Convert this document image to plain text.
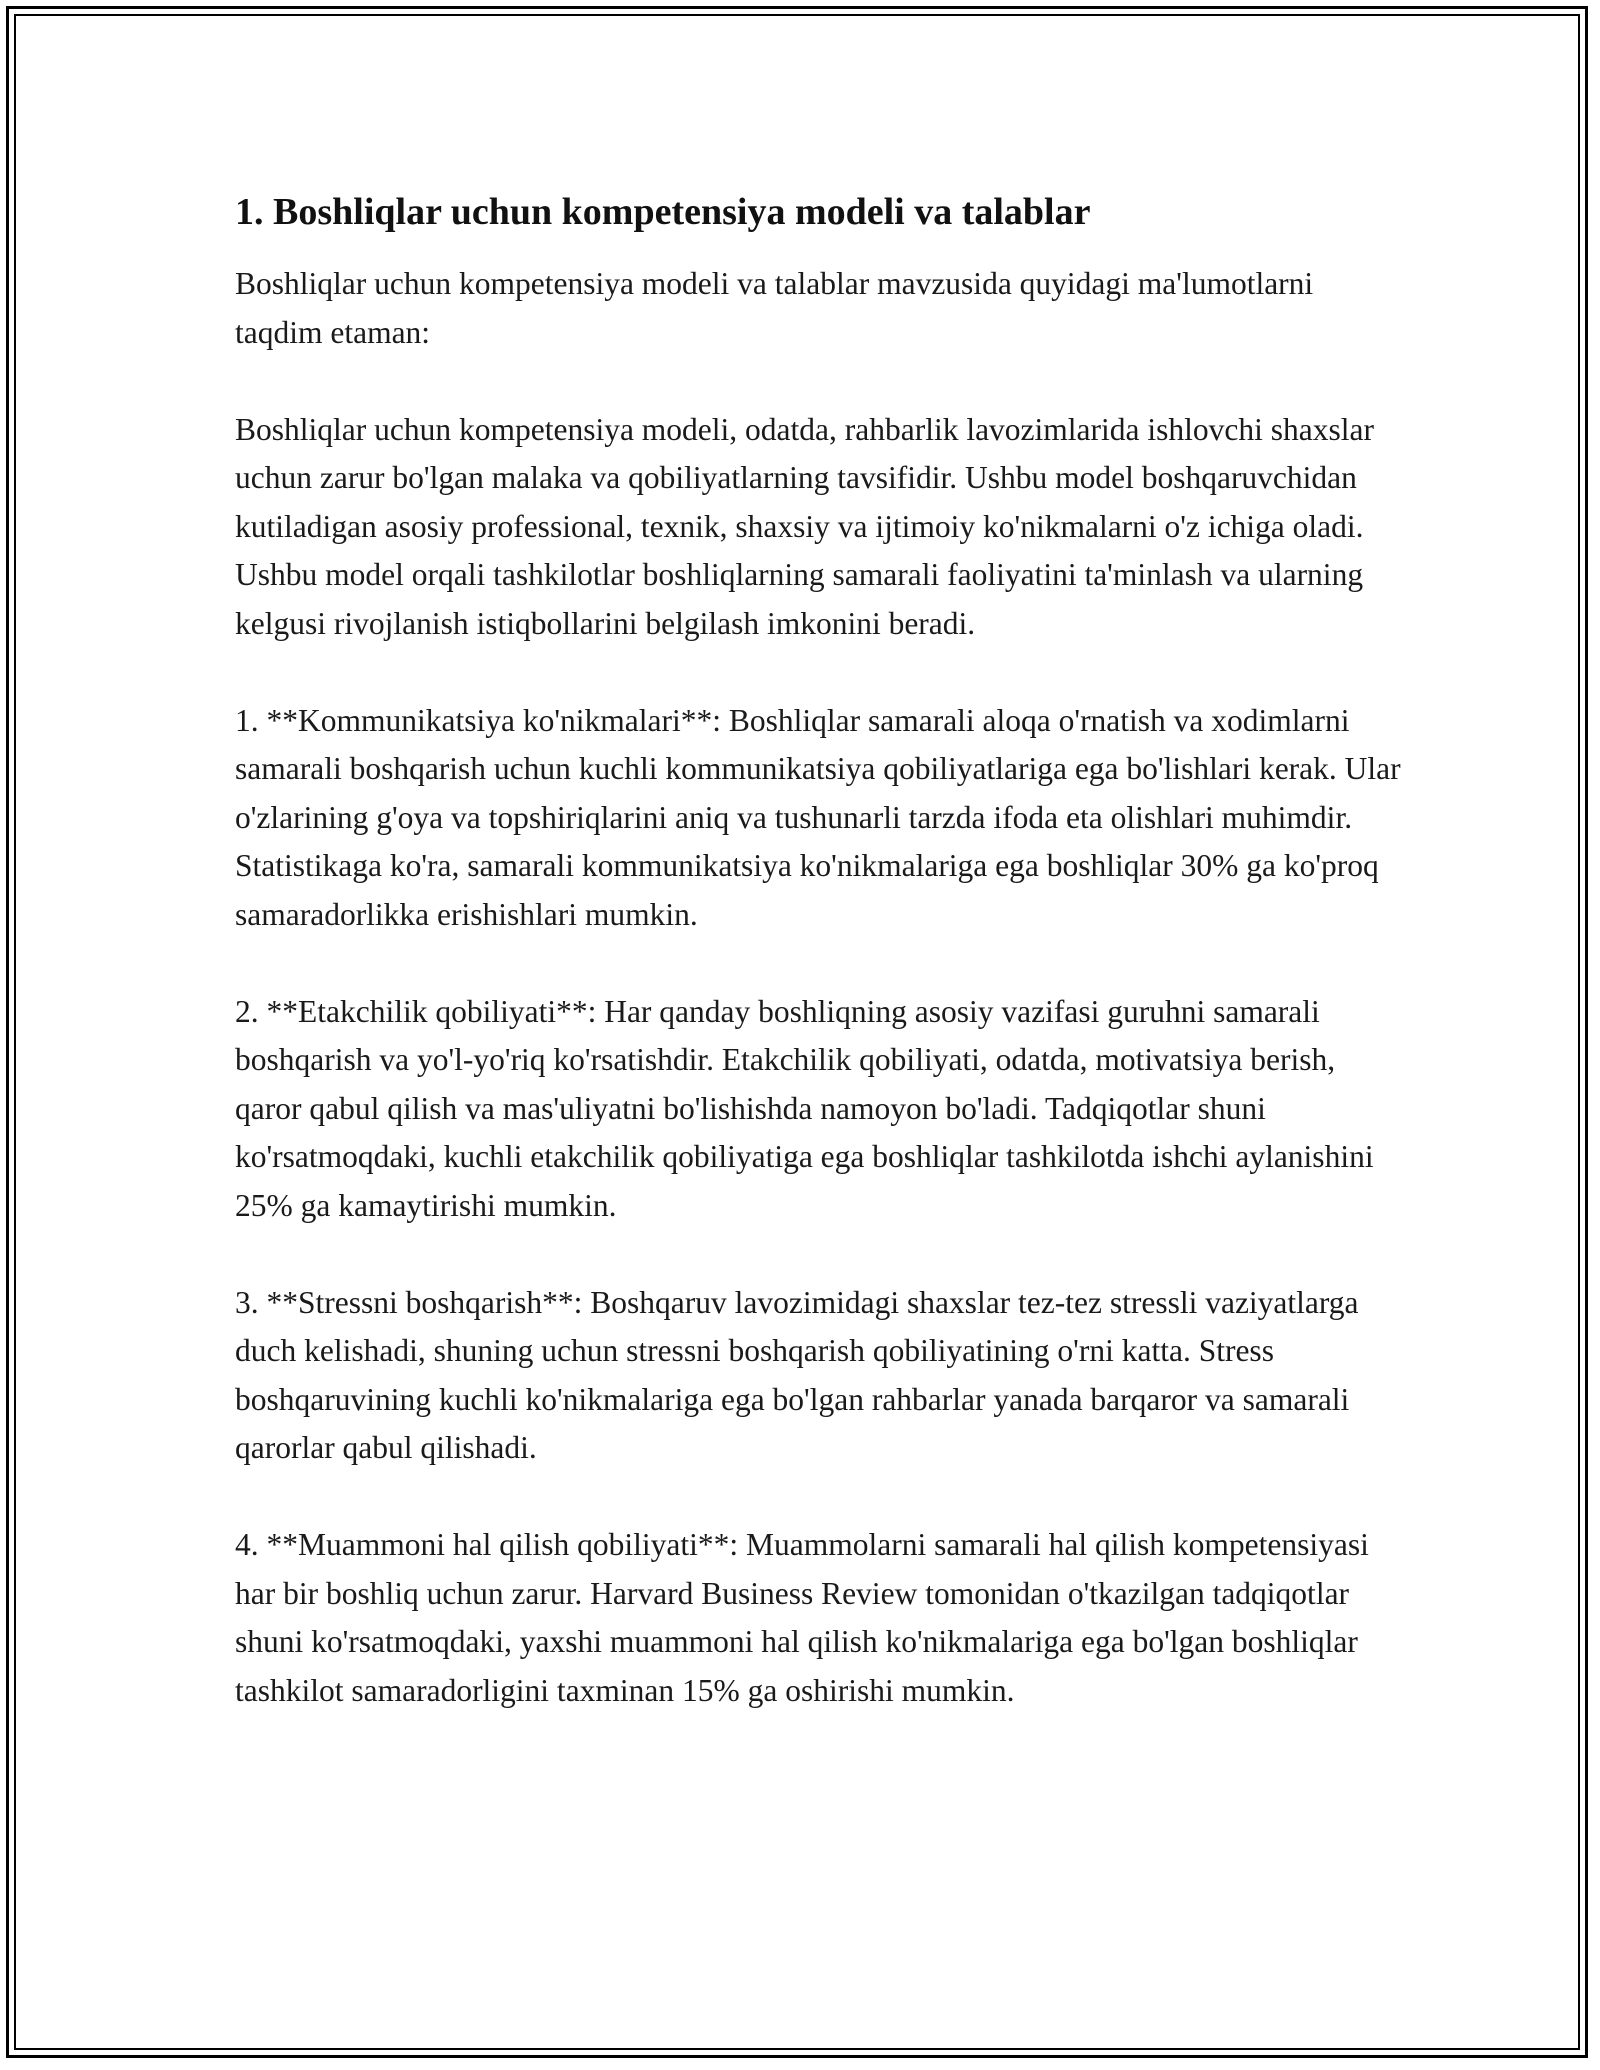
1. Boshliqlar uchun kompetensiya modeli va talablar

Boshliqlar uchun kompetensiya modeli va talablar mavzusida quyidagi ma'lumotlarni taqdim etaman:

Boshliqlar uchun kompetensiya modeli, odatda, rahbarlik lavozimlarida ishlovchi shaxslar uchun zarur bo'lgan malaka va qobiliyatlarning tavsifidir. Ushbu model boshqaruvchidan kutiladigan asosiy professional, texnik, shaxsiy va ijtimoiy ko'nikmalarni o'z ichiga oladi. Ushbu model orqali tashkilotlar boshliqlarning samarali faoliyatini ta'minlash va ularning kelgusi rivojlanish istiqbollarini belgilash imkonini beradi.

1. **Kommunikatsiya ko'nikmalari**: Boshliqlar samarali aloqa o'rnatish va xodimlarni samarali boshqarish uchun kuchli kommunikatsiya qobiliyatlariga ega bo'lishlari kerak. Ular o'zlarining g'oya va topshiriqlarini aniq va tushunarli tarzda ifoda eta olishlari muhimdir. Statistikaga ko'ra, samarali kommunikatsiya ko'nikmalariga ega boshliqlar 30% ga ko'proq samaradorlikka erishishlari mumkin.

2. **Etakchilik qobiliyati**: Har qanday boshliqning asosiy vazifasi guruhni samarali boshqarish va yo'l-yo'riq ko'rsatishdir. Etakchilik qobiliyati, odatda, motivatsiya berish, qaror qabul qilish va mas'uliyatni bo'lishishda namoyon bo'ladi. Tadqiqotlar shuni ko'rsatmoqdaki, kuchli etakchilik qobiliyatiga ega boshliqlar tashkilotda ishchi aylanishini 25% ga kamaytirishi mumkin.

3. **Stressni boshqarish**: Boshqaruv lavozimidagi shaxslar tez-tez stressli vaziyatlarga duch kelishadi, shuning uchun stressni boshqarish qobiliyatining o'rni katta. Stress boshqaruvining kuchli ko'nikmalariga ega bo'lgan rahbarlar yanada barqaror va samarali qarorlar qabul qilishadi.

4. **Muammoni hal qilish qobiliyati**: Muammolarni samarali hal qilish kompetensiyasi har bir boshliq uchun zarur. Harvard Business Review tomonidan o'tkazilgan tadqiqotlar shuni ko'rsatmoqdaki, yaxshi muammoni hal qilish ko'nikmalariga ega bo'lgan boshliqlar tashkilot samaradorligini taxminan 15% ga oshirishi mumkin.
